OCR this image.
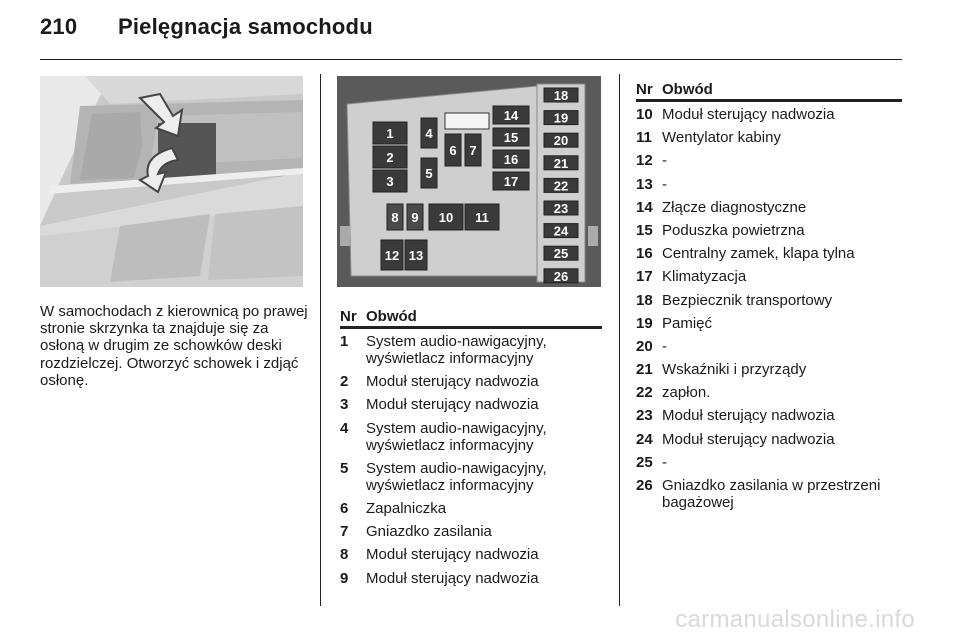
210 Pielęgnacja samochodu
1
2
3
4
5
6 7
14
15
16
17
8 9 10 11
12 13
18
19
20
21
22
23
24
25
26
W samochodach z kierownicą po prawej stronie skrzynka ta znajduje się za osłoną w drugim ze schowków deski rozdzielczej. Otworzyć schowek i zdjąć osłonę.
Nr Obwód
1	System audio-nawigacyjny, wyświetlacz informacyjny
2	Moduł sterujący nadwozia
3	Moduł sterujący nadwozia
4	System audio-nawigacyjny, wyświetlacz informacyjny
5	System audio-nawigacyjny, wyświetlacz informacyjny
6	Zapalniczka
7	Gniazdko zasilania
8	Moduł sterujący nadwozia
9	Moduł sterujący nadwozia
Nr Obwód
10 Moduł sterujący nadwozia
11 Wentylator kabiny
12 -
13 -
14 Złącze diagnostyczne
15 Poduszka powietrzna
16 Centralny zamek, klapa tylna
17 Klimatyzacja
18 Bezpiecznik transportowy
19 Pamięć
20 -
21 Wskaźniki i przyrządy
22 zapłon.
23 Moduł sterujący nadwozia
24 Moduł sterujący nadwozia
25 -
26 Gniazdko zasilania w przestrzeni bagażowej
carmanualsonline.info
